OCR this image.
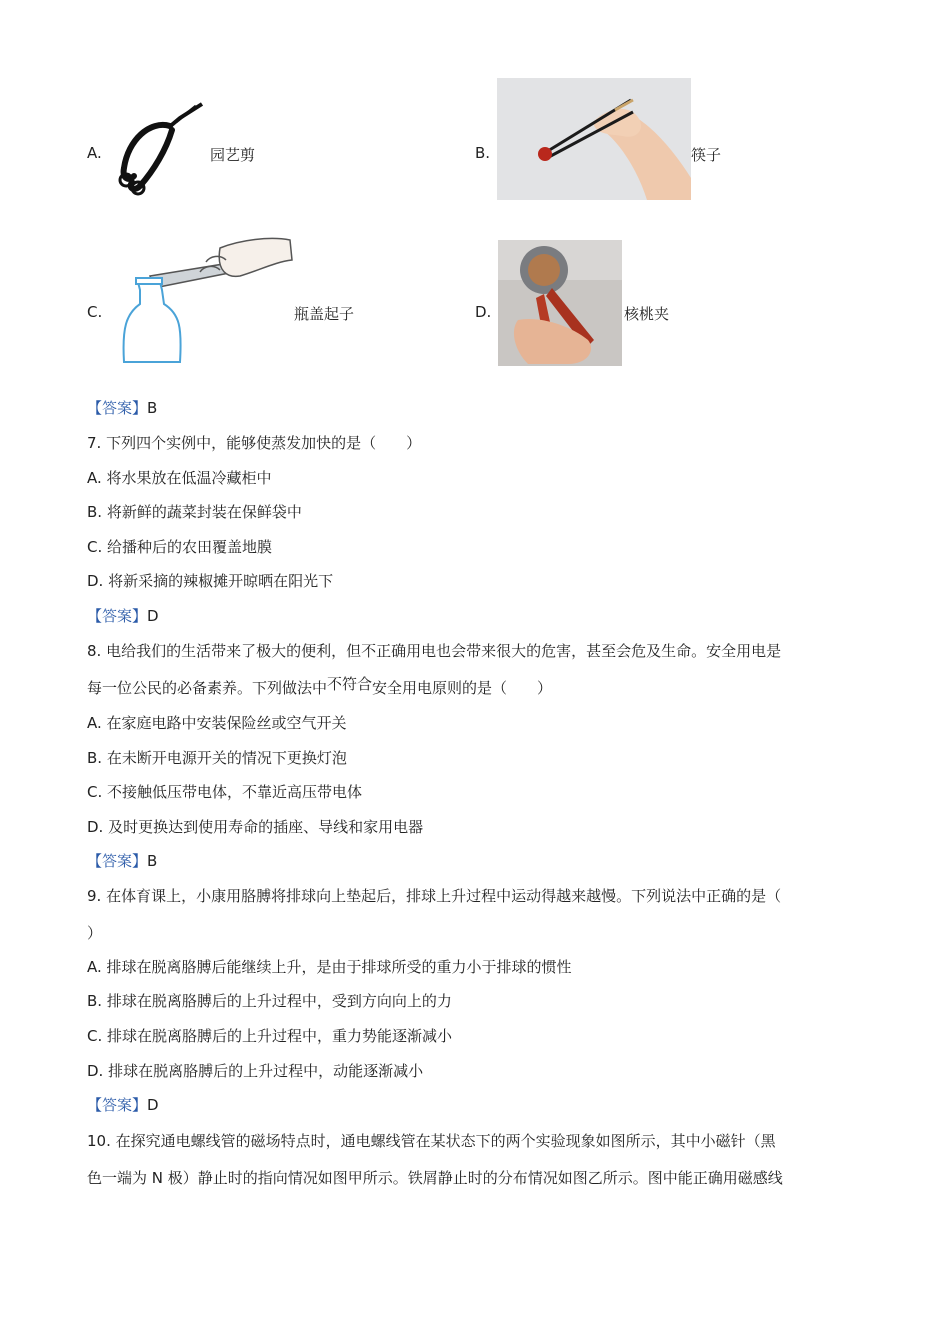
A.	园艺剪	B.	筷子
C.	瓶盖起子	D.	核桃夹
【答案】B
7. 下列四个实例中，能够使蒸发加快的是（　　）
A. 将水果放在低温冷藏柜中
B. 将新鲜的蔬菜封装在保鲜袋中
C. 给播种后的农田覆盖地膜
D. 将新采摘的辣椒摊开晾晒在阳光下
【答案】D
8. 电给我们的生活带来了极大的便利，但不正确用电也会带来很大的危害，甚至会危及生命。安全用电是
每一位公民的必备素养。下列做法中不符合安全用电原则的是（　　）
A. 在家庭电路中安装保险丝或空气开关
B. 在未断开电源开关的情况下更换灯泡
C. 不接触低压带电体，不靠近高压带电体
D. 及时更换达到使用寿命的插座、导线和家用电器
【答案】B
9. 在体育课上，小康用胳膊将排球向上垫起后，排球上升过程中运动得越来越慢。下列说法中正确的是（
）
A. 排球在脱离胳膊后能继续上升，是由于排球所受的重力小于排球的惯性
B. 排球在脱离胳膊后的上升过程中，受到方向向上的力
C. 排球在脱离胳膊后的上升过程中，重力势能逐渐减小
D. 排球在脱离胳膊后的上升过程中，动能逐渐减小
【答案】D
10. 在探究通电螺线管的磁场特点时，通电螺线管在某状态下的两个实验现象如图所示，其中小磁针（黑
色一端为 N 极）静止时的指向情况如图甲所示。铁屑静止时的分布情况如图乙所示。图中能正确用磁感线
